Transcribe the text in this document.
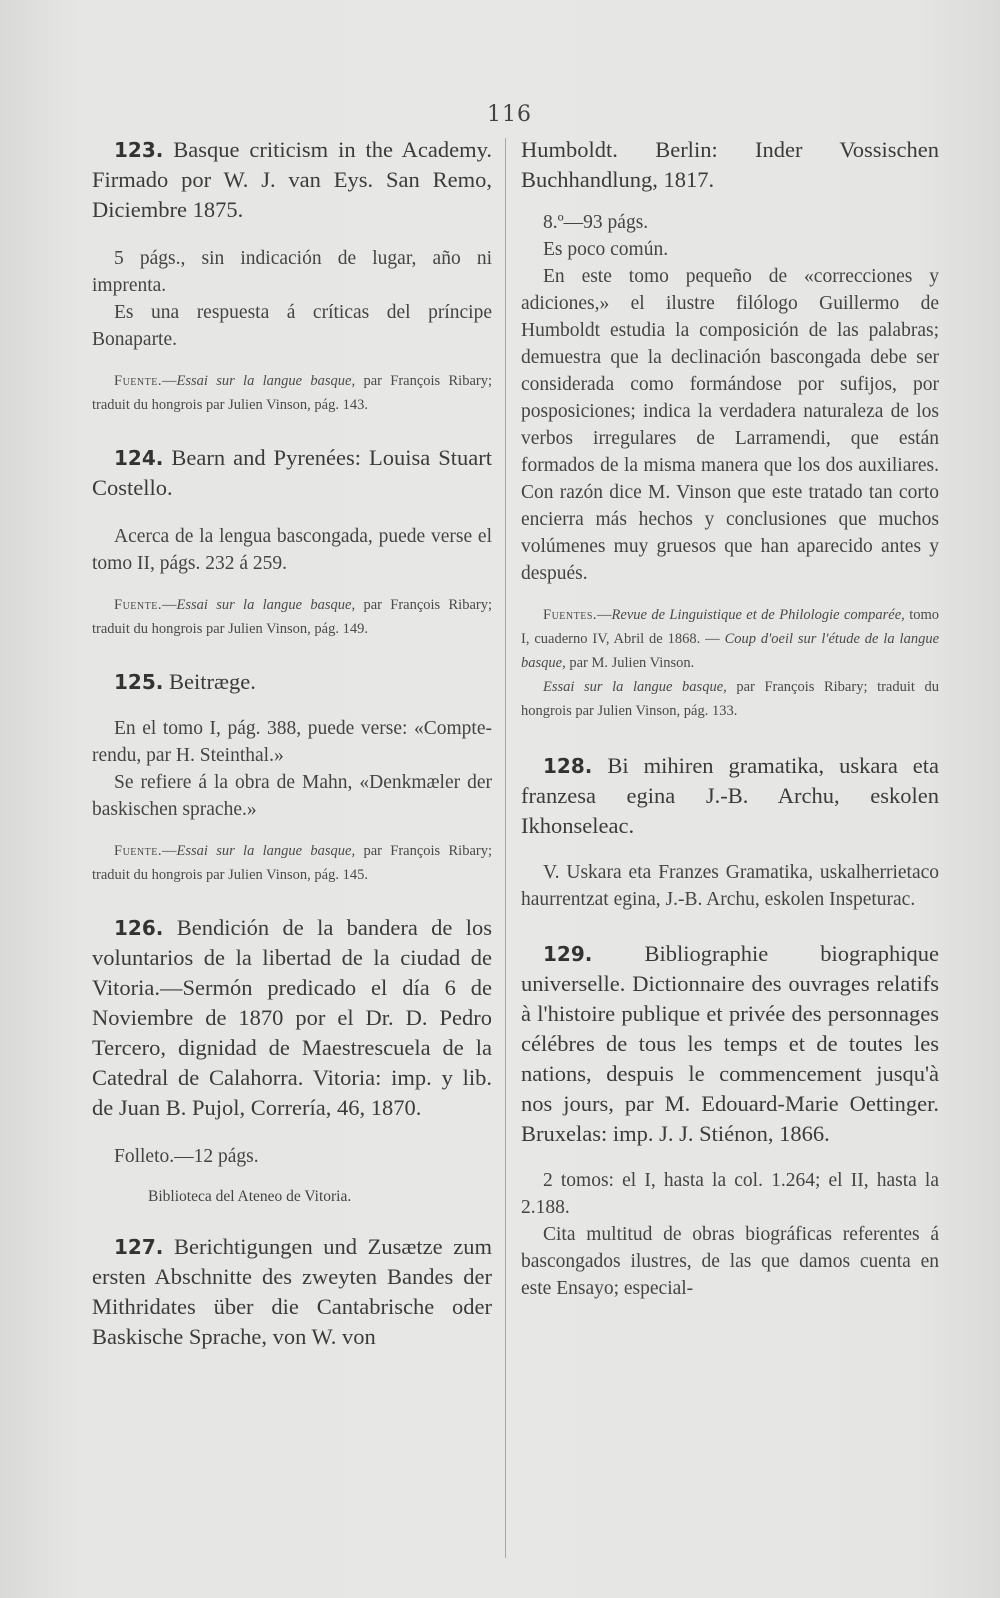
116

123. Basque criticism in the Academy. Firmado por W. J. van Eys. San Remo, Diciembre 1875.

5 págs., sin indicación de lugar, año ni imprenta.

Es una respuesta á críticas del príncipe Bonaparte.

Fuente.—Essai sur la langue basque, par François Ribary; traduit du hongrois par Julien Vinson, pág. 143.

124. Bearn and Pyrenées: Louisa Stuart Costello.

Acerca de la lengua bascongada, puede verse el tomo II, págs. 232 á 259.

Fuente.—Essai sur la langue basque, par François Ribary; traduit du hongrois par Julien Vinson, pág. 149.

125. Beitræge.

En el tomo I, pág. 388, puede verse: «Compte-rendu, par H. Steinthal.»

Se refiere á la obra de Mahn, «Denkmæler der baskischen sprache.»

Fuente.—Essai sur la langue basque, par François Ribary; traduit du hongrois par Julien Vinson, pág. 145.

126. Bendición de la bandera de los voluntarios de la libertad de la ciudad de Vitoria.—Sermón predicado el día 6 de Noviembre de 1870 por el Dr. D. Pedro Tercero, dignidad de Maestrescuela de la Catedral de Calahorra. Vitoria: imp. y lib. de Juan B. Pujol, Correría, 46, 1870.

Folleto.—12 págs.

Biblioteca del Ateneo de Vitoria.

127. Berichtigungen und Zusætze zum ersten Abschnitte des zweyten Bandes der Mithridates über die Cantabrische oder Baskische Sprache, von W. von

Humboldt. Berlin: Inder Vossischen Buchhandlung, 1817.

8.º—93 págs.

Es poco común.

En este tomo pequeño de «correcciones y adiciones,» el ilustre filólogo Guillermo de Humboldt estudia la composición de las palabras; demuestra que la declinación bascongada debe ser considerada como formándose por sufijos, por posposiciones; indica la verdadera naturaleza de los verbos irregulares de Larramendi, que están formados de la misma manera que los dos auxiliares. Con razón dice M. Vinson que este tratado tan corto encierra más hechos y conclusiones que muchos volúmenes muy gruesos que han aparecido antes y después.

Fuentes.—Revue de Linguistique et de Philologie comparée, tomo I, cuaderno IV, Abril de 1868. — Coup d'oeil sur l'étude de la langue basque, par M. Julien Vinson.

Essai sur la langue basque, par François Ribary; traduit du hongrois par Julien Vinson, pág. 133.

128. Bi mihiren gramatika, uskara eta franzesa egina J.-B. Archu, eskolen Ikhonseleac.

V. Uskara eta Franzes Gramatika, uskalherrietaco haurrentzat egina, J.-B. Archu, eskolen Inspeturac.

129. Bibliographie biographique universelle. Dictionnaire des ouvrages relatifs à l'histoire publique et privée des personnages célébres de tous les temps et de toutes les nations, despuis le commencement jusqu'à nos jours, par M. Edouard-Marie Oettinger. Bruxelas: imp. J. J. Stiénon, 1866.

2 tomos: el I, hasta la col. 1.264; el II, hasta la 2.188.

Cita multitud de obras biográficas referentes á bascongados ilustres, de las que damos cuenta en este Ensayo; especial-
